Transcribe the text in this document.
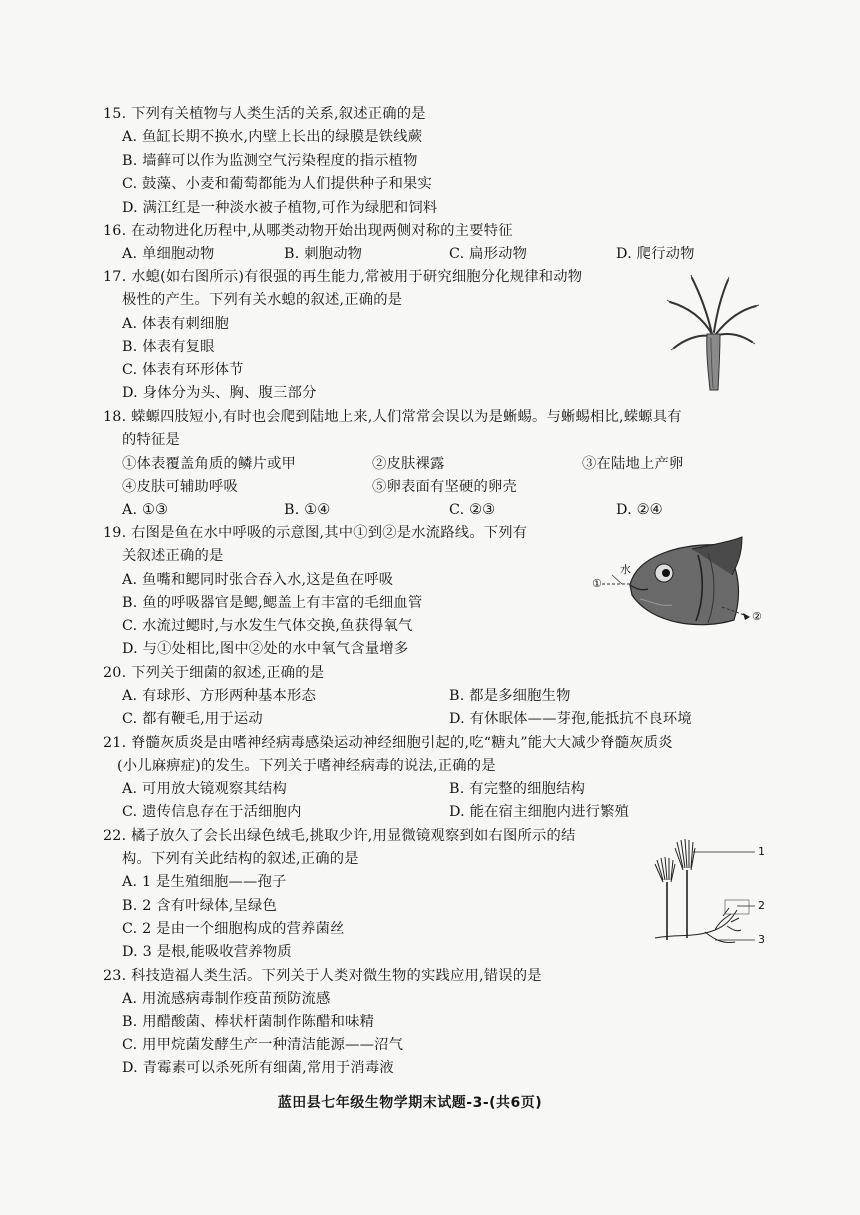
15. 下列有关植物与人类生活的关系,叙述正确的是
A. 鱼缸长期不换水,内壁上长出的绿膜是铁线蕨
B. 墙藓可以作为监测空气污染程度的指示植物
C. 鼓藻、小麦和葡萄都能为人们提供种子和果实
D. 满江红是一种淡水被子植物,可作为绿肥和饲料
16. 在动物进化历程中,从哪类动物开始出现两侧对称的主要特征
A. 单细胞动物	B. 刺胞动物	C. 扁形动物	D. 爬行动物
17. 水螅(如右图所示)有很强的再生能力,常被用于研究细胞分化规律和动物
极性的产生。下列有关水螅的叙述,正确的是
A. 体表有刺细胞
B. 体表有复眼
C. 体表有环形体节
D. 身体分为头、胸、腹三部分
18. 蝾螈四肢短小,有时也会爬到陆地上来,人们常常会误以为是蜥蜴。与蜥蜴相比,蝾螈具有
的特征是
①体表覆盖角质的鳞片或甲	②皮肤裸露	③在陆地上产卵
④皮肤可辅助呼吸	⑤卵表面有坚硬的卵壳
A. ①③	B. ①④	C. ②③	D. ②④
19. 右图是鱼在水中呼吸的示意图,其中①到②是水流路线。下列有
关叙述正确的是
A. 鱼嘴和鳃同时张合吞入水,这是鱼在呼吸
B. 鱼的呼吸器官是鳃,鳃盖上有丰富的毛细血管
C. 水流过鳃时,与水发生气体交换,鱼获得氧气
D. 与①处相比,图中②处的水中氧气含量增多
水
①
②
20. 下列关于细菌的叙述,正确的是
A. 有球形、方形两种基本形态	B. 都是多细胞生物
C. 都有鞭毛,用于运动	D. 有休眠体——芽孢,能抵抗不良环境
21. 脊髓灰质炎是由嗜神经病毒感染运动神经细胞引起的,吃“糖丸”能大大减少脊髓灰质炎
(小儿麻痹症)的发生。下列关于嗜神经病毒的说法,正确的是
A. 可用放大镜观察其结构	B. 有完整的细胞结构
C. 遗传信息存在于活细胞内	D. 能在宿主细胞内进行繁殖
22. 橘子放久了会长出绿色绒毛,挑取少许,用显微镜观察到如右图所示的结
构。下列有关此结构的叙述,正确的是
A. 1 是生殖细胞——孢子
B. 2 含有叶绿体,呈绿色
C. 2 是由一个细胞构成的营养菌丝
D. 3 是根,能吸收营养物质
1
2
3
23. 科技造福人类生活。下列关于人类对微生物的实践应用,错误的是
A. 用流感病毒制作疫苗预防流感
B. 用醋酸菌、棒状杆菌制作陈醋和味精
C. 用甲烷菌发酵生产一种清洁能源——沼气
D. 青霉素可以杀死所有细菌,常用于消毒液
蓝田县七年级生物学期末试题-3-(共6页)
